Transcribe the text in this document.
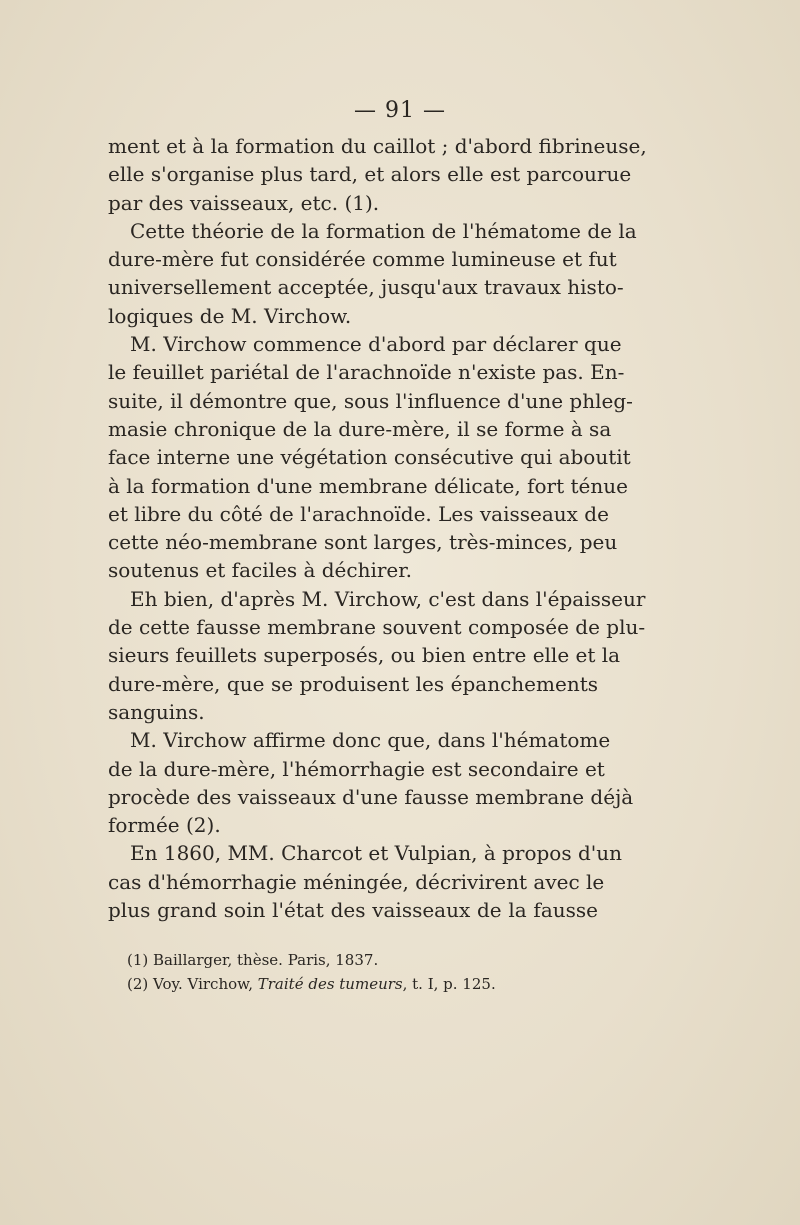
— 91 —
ment et à la formation du caillot ; d'abord fibrineuse,
elle s'organise plus tard, et alors elle est parcourue
par des vaisseaux, etc. (1).
Cette théorie de la formation de l'hématome de la
dure-mère fut considérée comme lumineuse et fut
universellement acceptée, jusqu'aux travaux histo-
logiques de M. Virchow.
M. Virchow commence d'abord par déclarer que
le feuillet pariétal de l'arachnoïde n'existe pas. En-
suite, il démontre que, sous l'influence d'une phleg-
masie chronique de la dure-mère, il se forme à sa
face interne une végétation consécutive qui aboutit
à la formation d'une membrane délicate, fort ténue
et libre du côté de l'arachnoïde. Les vaisseaux de
cette néo-membrane sont larges, très-minces, peu
soutenus et faciles à déchirer.
Eh bien, d'après M. Virchow, c'est dans l'épaisseur
de cette fausse membrane souvent composée de plu-
sieurs feuillets superposés, ou bien entre elle et la
dure-mère, que se produisent les épanchements
sanguins.
M. Virchow affirme donc que, dans l'hématome
de la dure-mère, l'hémorrhagie est secondaire et
procède des vaisseaux d'une fausse membrane déjà
formée (2).
En 1860, MM. Charcot et Vulpian, à propos d'un
cas d'hémorrhagie méningée, décrivirent avec le
plus grand soin l'état des vaisseaux de la fausse
(1) Baillarger, thèse. Paris, 1837.
(2) Voy. Virchow, Traité des tumeurs, t. I, p. 125.
